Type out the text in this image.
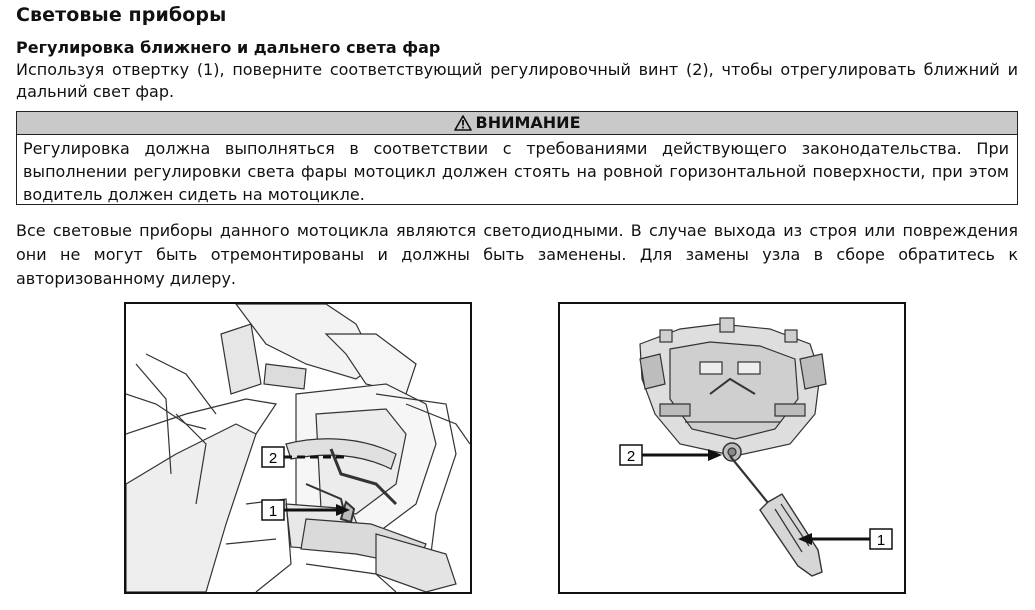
Световые приборы
Регулировка ближнего и дальнего света фар
Используя отвертку (1), поверните соответствующий регулировочный винт (2), чтобы отрегулировать ближний и дальний свет фар.
ВНИМАНИЕ
Регулировка должна выполняться в соответствии с требованиями действующего законодательства. При выполнении регулировки света фары мотоцикл должен стоять на ровной горизонтальной поверхности, при этом водитель должен сидеть на мотоцикле.
Все световые приборы данного мотоцикла являются светодиодными. В случае выхода из строя или повреждения они не могут быть отремонтированы и должны быть заменены. Для замены узла в сборе обратитесь к авторизованному дилеру.
2
1
2
1
